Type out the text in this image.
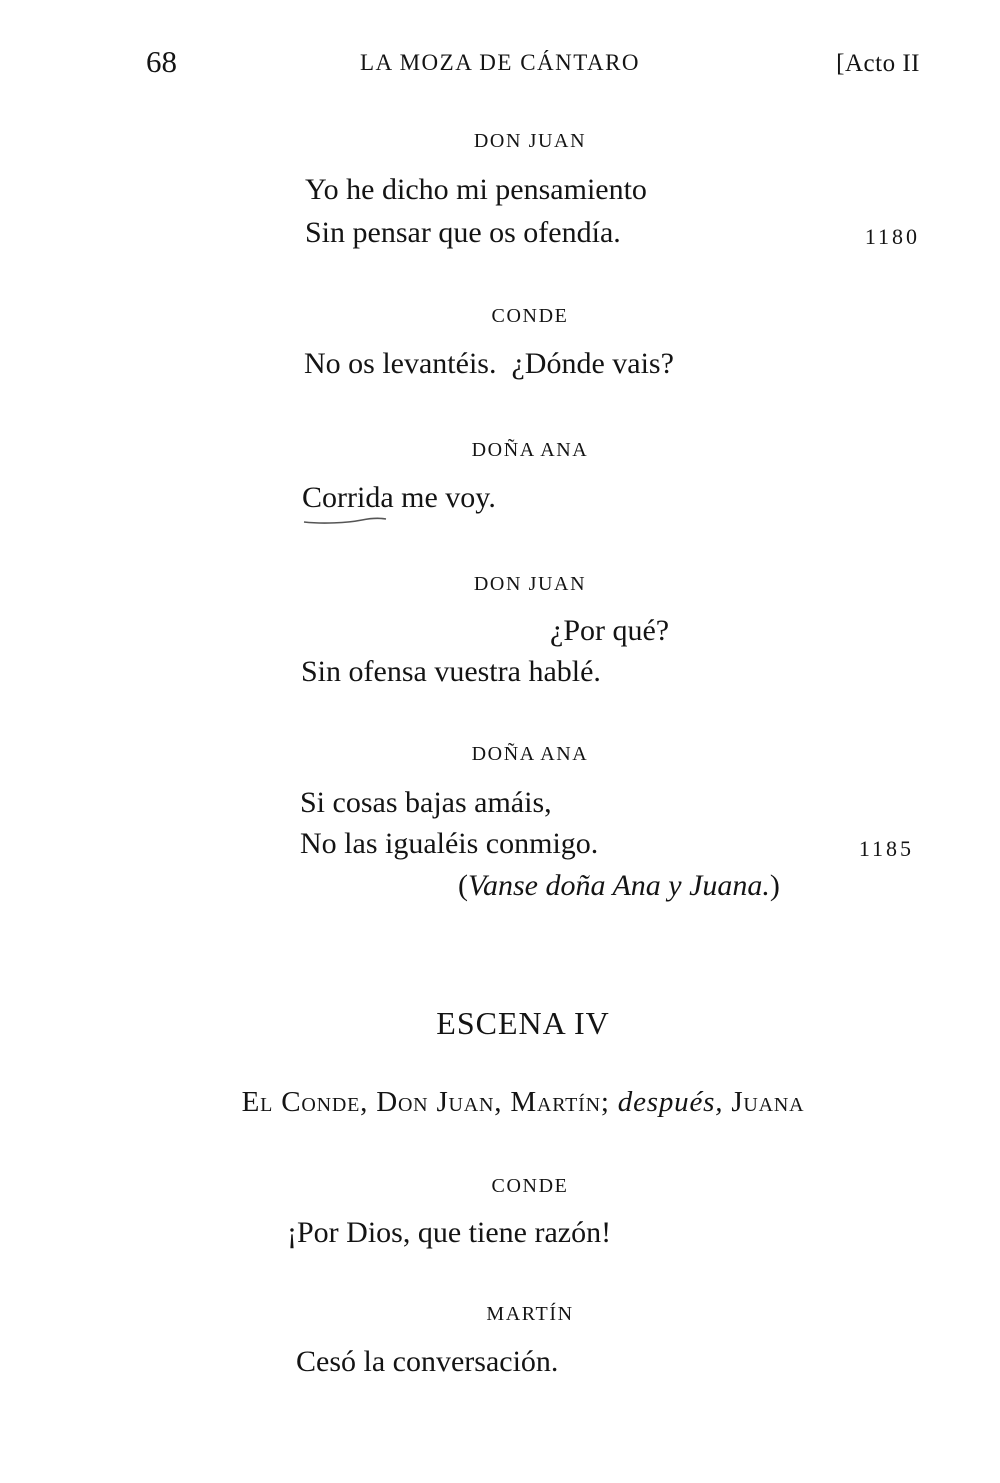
68	LA MOZA DE CÁNTARO	[Acto II
DON JUAN
Yo he dicho mi pensamiento
Sin pensar que os ofendía.	1180
CONDE
No os levantéis.  ¿Dónde vais?
DOÑA ANA
Corrida me voy.
DON JUAN
¿Por qué?
Sin ofensa vuestra hablé.
DOÑA ANA
Si cosas bajas amáis,
No las igualéis conmigo.	1185
(Vanse doña Ana y Juana.)
ESCENA IV
El Conde, Don Juan, Martín; después, Juana
CONDE
¡Por Dios, que tiene razón!
MARTÍN
Cesó la conversación.
